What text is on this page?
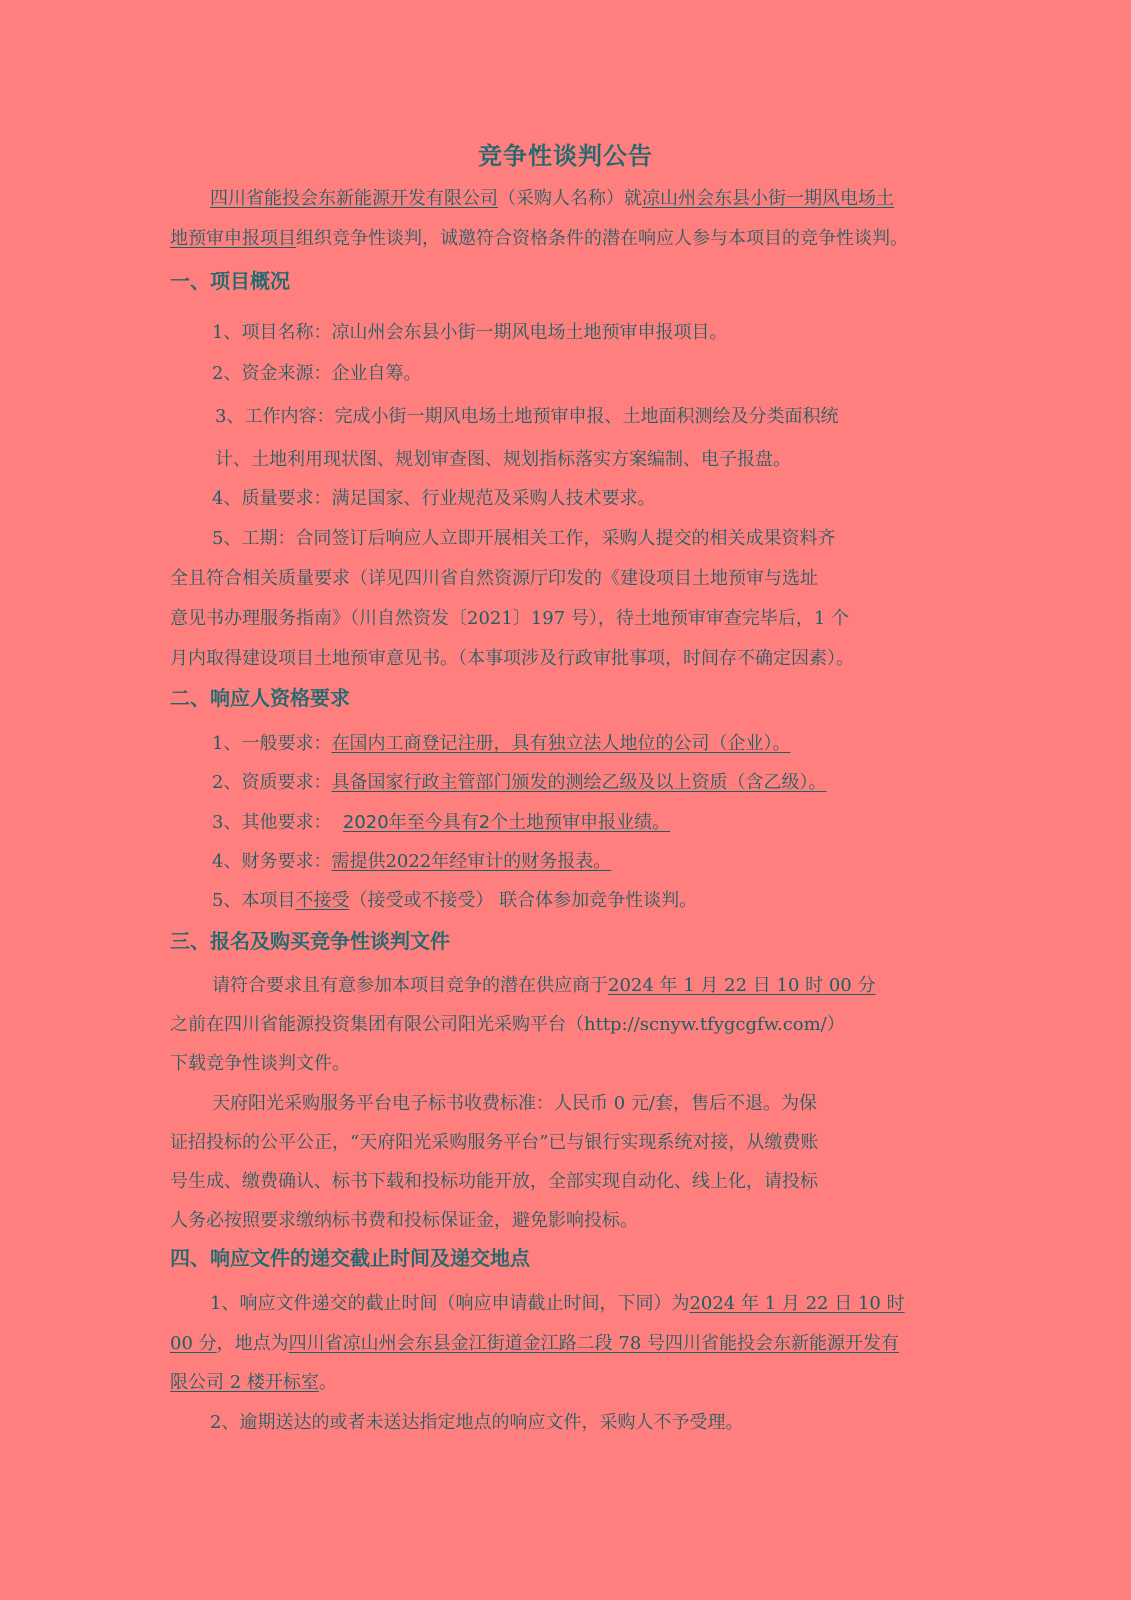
竞争性谈判公告
四川省能投会东新能源开发有限公司（采购人名称）就凉山州会东县小街一期风电场土
地预审申报项目组织竞争性谈判，诚邀符合资格条件的潜在响应人参与本项目的竞争性谈判。
一、项目概况
1、项目名称：凉山州会东县小街一期风电场土地预审申报项目。
2、资金来源：企业自筹。
3、工作内容：完成小街一期风电场土地预审申报、土地面积测绘及分类面积统
计、土地利用现状图、规划审查图、规划指标落实方案编制、电子报盘。
4、质量要求：满足国家、行业规范及采购人技术要求。
5、工期：合同签订后响应人立即开展相关工作，采购人提交的相关成果资料齐
全且符合相关质量要求（详见四川省自然资源厅印发的《建设项目土地预审与选址
意见书办理服务指南》（川自然资发〔2021〕197 号），待土地预审审查完毕后，1 个
月内取得建设项目土地预审意见书。（本事项涉及行政审批事项，时间存不确定因素）。
二、响应人资格要求
1、一般要求：在国内工商登记注册，具有独立法人地位的公司（企业）。
2、资质要求：具备国家行政主管部门颁发的测绘乙级及以上资质（含乙级）。
3、其他要求： 2020年至今具有2个土地预审申报业绩。
4、财务要求：需提供2022年经审计的财务报表。
5、本项目不接受（接受或不接受） 联合体参加竞争性谈判。
三、报名及购买竞争性谈判文件
请符合要求且有意参加本项目竞争的潜在供应商于2024 年 1 月 22 日 10 时 00 分
之前在四川省能源投资集团有限公司阳光采购平台（http://scnyw.tfygcgfw.com/）
下载竞争性谈判文件。
天府阳光采购服务平台电子标书收费标准：人民币 0 元/套，售后不退。为保
证招投标的公平公正，“天府阳光采购服务平台”已与银行实现系统对接，从缴费账
号生成、缴费确认、标书下载和投标功能开放，全部实现自动化、线上化，请投标
人务必按照要求缴纳标书费和投标保证金，避免影响投标。
四、响应文件的递交截止时间及递交地点
1、响应文件递交的截止时间（响应申请截止时间，下同）为2024 年 1 月 22 日 10 时
00 分，地点为四川省凉山州会东县金江街道金江路二段 78 号四川省能投会东新能源开发有
限公司 2 楼开标室。
2、逾期送达的或者未送达指定地点的响应文件，采购人不予受理。
